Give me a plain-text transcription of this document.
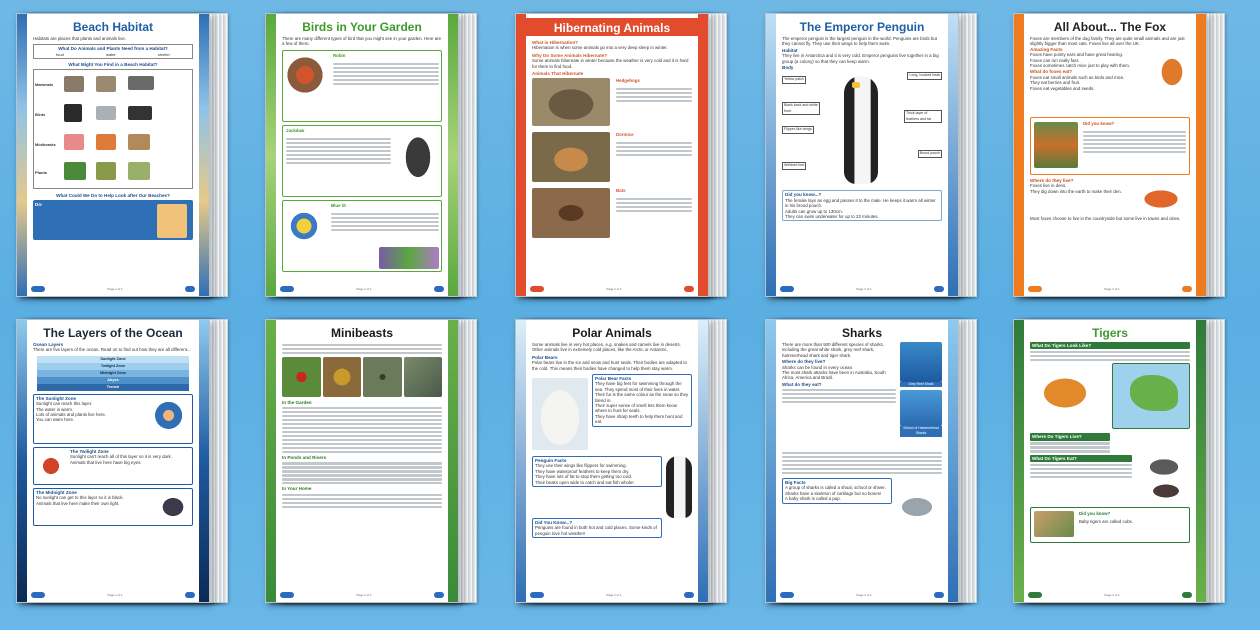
Beach Habitat
Habitats are places that plants and animals live.
What Do Animals and Plants Need from a Habitat?
food	water	shelter
What Might You Find in a Beach Habitat?
Mammals
Birds
Minibeasts
Plants
What Could We Do to Help Look after Our Beaches?
Do:
Page 1 of 1
Birds in Your Garden
There are many different types of bird that you might see in your garden. Here are a few of them.
Robin
Jackdaw
Blue tit
Page 1 of 1
Hibernating Animals
What is Hibernation?
Hibernation is when some animals go into a very deep sleep in winter.
Why Do Some Animals Hibernate?
Some animals hibernate in winter because the weather is very cold and it is hard for them to find food.
Animals That Hibernate
Hedgehogs
Dormice
Bats
Page 1 of 1
The Emperor Penguin
The emperor penguin is the largest penguin in the world. Penguins are birds but they cannot fly. They use their wings to help them swim.
Habitat
They live in Antarctica and it is very cold. Emperor penguins live together in a big group (a colony) so that they can keep warm.
Body
Yellow patch
Long, hooked beak
Black back and white front
Flipper-like wings
Thick layer of feathers and fat
Webbed feet
Brood pouch
Did you know...?
The female lays an egg and passes it to the male. He keeps it warm all winter in his brood pouch.
Adults can grow up to 130cm.
They can swim underwater for up to 22 minutes.
Page 1 of 1
All About... The Fox
Foxes are members of the dog family. They are quite small animals and are just slightly bigger than most cats. Foxes live all over the UK.
Amazing Facts
Foxes have pointy ears and have great hearing.
Foxes can run really fast.
Foxes sometimes catch mice just to play with them.
What do foxes eat?
Foxes eat small animals such as birds and mice.
They eat berries and fruit.
Foxes eat vegetables and seeds.
Did you know?
Where do they live?
Foxes live in dens.
They dig down into the earth to make their den.
Most foxes choose to live in the countryside but some live in towns and cities.
Page 1 of 1
The Layers of the Ocean
Ocean Layers
There are five layers of the ocean. Read on to find out how they are all different...
Sunlight Zone
Twilight Zone
Midnight Zone
Abyss
Trench
The Sunlight Zone
Sunlight can reach this layer.
The water is warm.
Lots of animals and plants live here.
You can swim here.
The Twilight Zone
Sunlight can't reach all of this layer so it is very dark.
Animals that live here have big eyes.
The Midnight Zone
No sunlight can get to this layer so it is black.
Animals that live here make their own light.
Page 1 of 1
Minibeasts
In the Garden
In Ponds and Rivers
In Your Home
Page 1 of 1
Polar Animals
Some animals live in very hot places, e.g. snakes and camels live in deserts. Other animals live in extremely cold places, like the Arctic or Antarctic.
Polar Bears
Polar bears live in the ice and snow and hunt seals. Their bodies are adapted to the cold. This means their bodies have changed to help them stay warm.
Polar Bear Facts
They have big feet for swimming through the sea. They spend most of their lives in water.
Their fur is the same colour as the snow so they blend in.
Their super sense of smell lets them know where to hunt for seals.
They have sharp teeth to help them hunt and eat.
Penguin Facts
They use their wings like flippers for swimming.
They have waterproof feathers to keep them dry.
They have lots of fat to stop them getting too cold.
Their beaks open wide to catch and eat fish whole!
Did You Know...?
Penguins are found in both hot and cold places. Some kinds of penguin love hot weather!
Page 1 of 1
Sharks
There are more than 500 different species of sharks, including the great white shark, grey reef shark, hammerhead shark and tiger shark.
Where do they live?
Sharks can be found in every ocean.
The most shark attacks have been in Australia, South Africa, America and Brazil.
What do they eat?	Grey Reef Shark
School of Hammerhead Sharks
Big Facts
A group of sharks is called a shoal, school or shiver.
Sharks have a skeleton of cartilage but no bones!
A baby shark is called a pup.
Page 1 of 1
Tigers
What Do Tigers Look Like?
Where Do Tigers Live?
What Do Tigers Eat?
Did you know?
Baby tigers are called cubs.
Page 1 of 1
